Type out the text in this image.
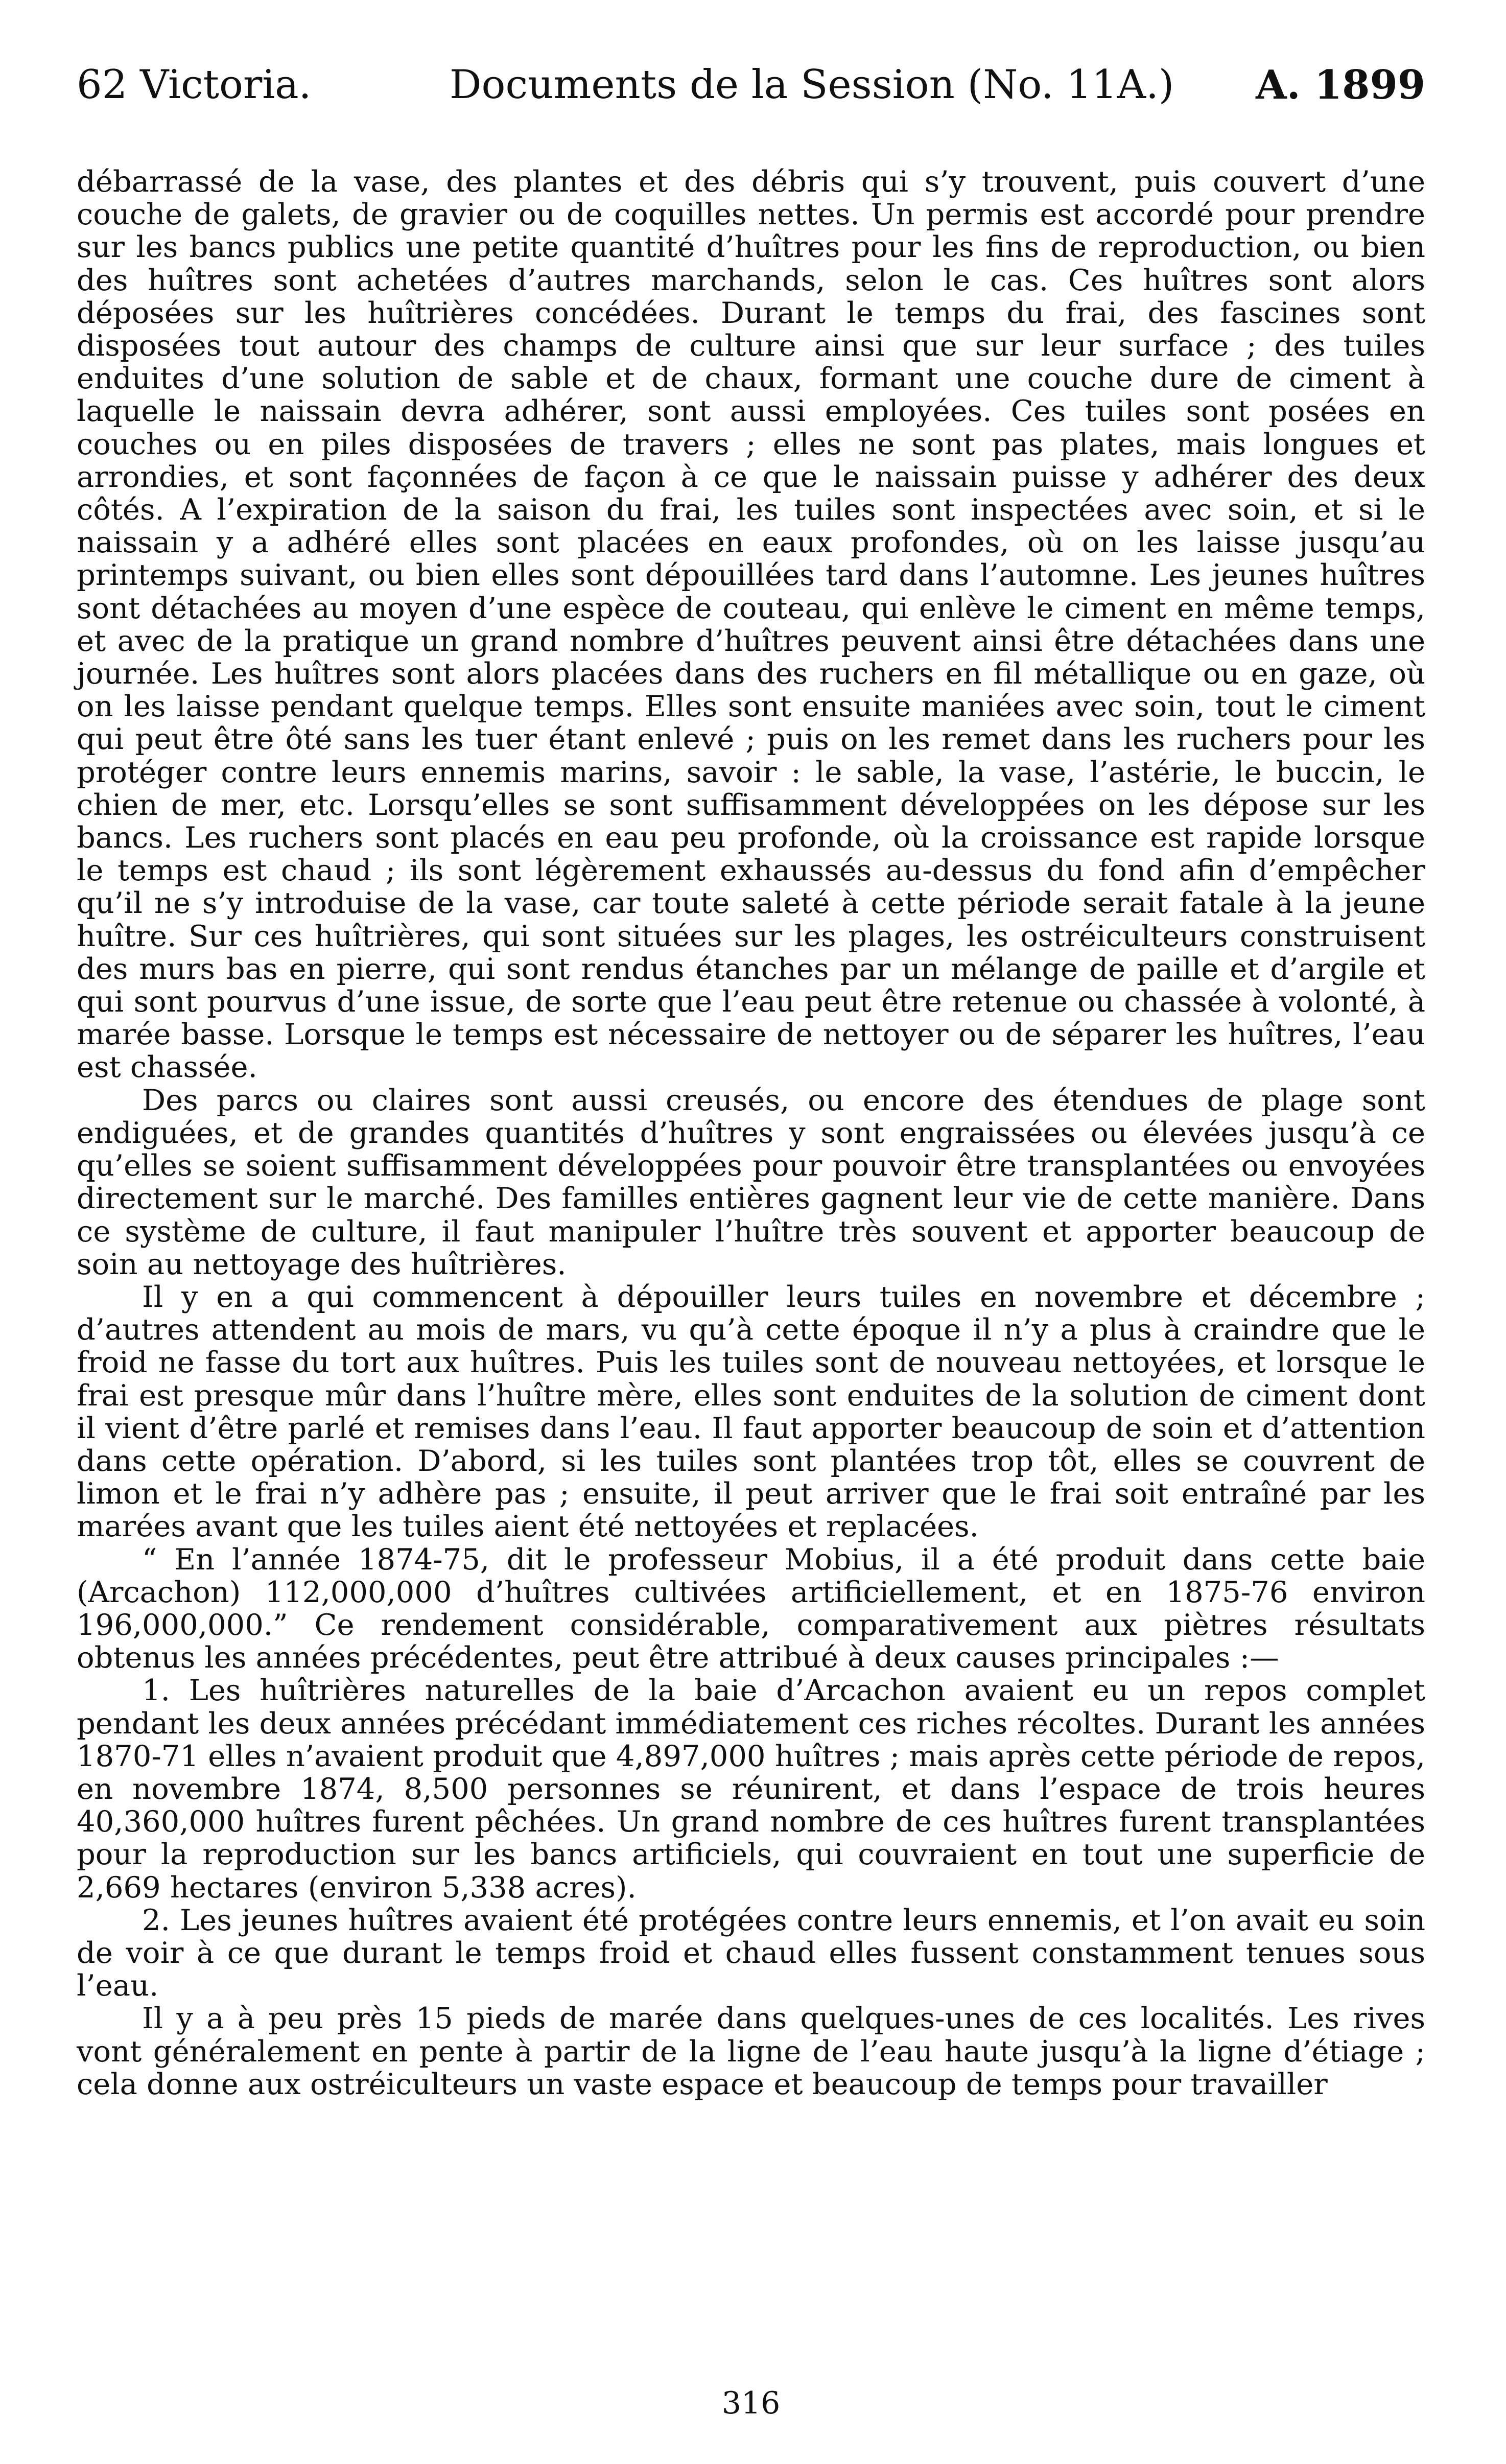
62 Victoria.	Documents de la Session (No. 11A.) A. 1899

débarrassé de la vase, des plantes et des débris qui s’y trouvent, puis couvert d’une couche de galets, de gravier ou de coquilles nettes. Un permis est accordé pour prendre sur les bancs publics une petite quantité d’huîtres pour les fins de reproduction, ou bien des huîtres sont achetées d’autres marchands, selon le cas. Ces huîtres sont alors déposées sur les huîtrières concédées. Durant le temps du frai, des fascines sont disposées tout autour des champs de culture ainsi que sur leur surface ; des tuiles enduites d’une solution de sable et de chaux, formant une couche dure de ciment à laquelle le naissain devra adhérer, sont aussi employées. Ces tuiles sont posées en couches ou en piles disposées de travers ; elles ne sont pas plates, mais longues et arrondies, et sont façonnées de façon à ce que le naissain puisse y adhérer des deux côtés. A l’expiration de la saison du frai, les tuiles sont inspectées avec soin, et si le naissain y a adhéré elles sont placées en eaux profondes, où on les laisse jusqu’au printemps suivant, ou bien elles sont dépouillées tard dans l’automne. Les jeunes huîtres sont détachées au moyen d’une espèce de couteau, qui enlève le ciment en même temps, et avec de la pratique un grand nombre d’huîtres peuvent ainsi être détachées dans une journée. Les huîtres sont alors placées dans des ruchers en fil métallique ou en gaze, où on les laisse pendant quelque temps. Elles sont ensuite maniées avec soin, tout le ciment qui peut être ôté sans les tuer étant enlevé ; puis on les remet dans les ruchers pour les protéger contre leurs ennemis marins, savoir : le sable, la vase, l’astérie, le buccin, le chien de mer, etc. Lorsqu’elles se sont suffisamment développées on les dépose sur les bancs. Les ruchers sont placés en eau peu profonde, où la croissance est rapide lorsque le temps est chaud ; ils sont légèrement exhaussés au-dessus du fond afin d’empêcher qu’il ne s’y introduise de la vase, car toute saleté à cette période serait fatale à la jeune huître. Sur ces huîtrières, qui sont situées sur les plages, les ostréiculteurs construisent des murs bas en pierre, qui sont rendus étanches par un mélange de paille et d’argile et qui sont pourvus d’une issue, de sorte que l’eau peut être retenue ou chassée à volonté, à marée basse. Lorsque le temps est nécessaire de nettoyer ou de séparer les huîtres, l’eau est chassée.

Des parcs ou claires sont aussi creusés, ou encore des étendues de plage sont endiguées, et de grandes quantités d’huîtres y sont engraissées ou élevées jusqu’à ce qu’elles se soient suffisamment développées pour pouvoir être transplantées ou envoyées directement sur le marché. Des familles entières gagnent leur vie de cette manière. Dans ce système de culture, il faut manipuler l’huître très souvent et apporter beaucoup de soin au nettoyage des huîtrières.

Il y en a qui commencent à dépouiller leurs tuiles en novembre et décembre ; d’autres attendent au mois de mars, vu qu’à cette époque il n’y a plus à craindre que le froid ne fasse du tort aux huîtres. Puis les tuiles sont de nouveau nettoyées, et lorsque le frai est presque mûr dans l’huître mère, elles sont enduites de la solution de ciment dont il vient d’être parlé et remises dans l’eau. Il faut apporter beaucoup de soin et d’attention dans cette opération. D’abord, si les tuiles sont plantées trop tôt, elles se couvrent de limon et le frai n’y adhère pas ; ensuite, il peut arriver que le frai soit entraîné par les marées avant que les tuiles aient été nettoyées et replacées.

“ En l’année 1874-75, dit le professeur Mobius, il a été produit dans cette baie (Arcachon) 112,000,000 d’huîtres cultivées artificiellement, et en 1875-76 environ 196,000,000.” Ce rendement considérable, comparativement aux piètres résultats obtenus les années précédentes, peut être attribué à deux causes principales :—

1. Les huîtrières naturelles de la baie d’Arcachon avaient eu un repos complet pendant les deux années précédant immédiatement ces riches récoltes. Durant les années 1870-71 elles n’avaient produit que 4,897,000 huîtres ; mais après cette période de repos, en novembre 1874, 8,500 personnes se réunirent, et dans l’espace de trois heures 40,360,000 huîtres furent pêchées. Un grand nombre de ces huîtres furent transplantées pour la reproduction sur les bancs artificiels, qui couvraient en tout une superficie de 2,669 hectares (environ 5,338 acres).

2. Les jeunes huîtres avaient été protégées contre leurs ennemis, et l’on avait eu soin de voir à ce que durant le temps froid et chaud elles fussent constamment tenues sous l’eau.

Il y a à peu près 15 pieds de marée dans quelques-unes de ces localités. Les rives vont généralement en pente à partir de la ligne de l’eau haute jusqu’à la ligne d’étiage ; cela donne aux ostréiculteurs un vaste espace et beaucoup de temps pour travailler

316
